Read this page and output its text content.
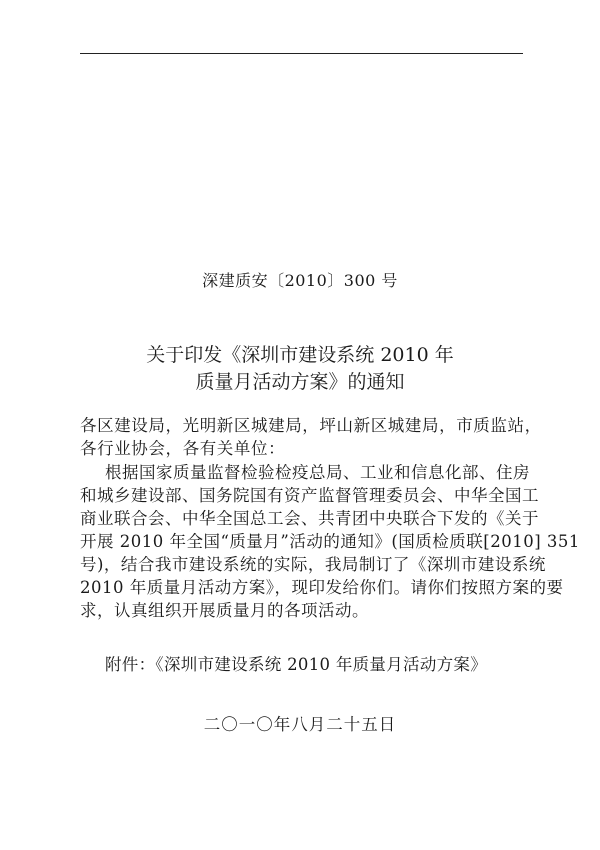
深建质安〔2010〕300 号
关于印发《深圳市建设系统 2010 年
质量月活动方案》的通知
各区建设局，光明新区城建局，坪山新区城建局，市质监站，
各行业协会，各有关单位：
根据国家质量监督检验检疫总局、工业和信息化部、住房
和城乡建设部、国务院国有资产监督管理委员会、中华全国工
商业联合会、中华全国总工会、共青团中央联合下发的《关于
开展 2010 年全国“质量月”活动的通知》(国质检质联[2010] 351
号)，结合我市建设系统的实际，我局制订了《深圳市建设系统
2010 年质量月活动方案》，现印发给你们。请你们按照方案的要
求，认真组织开展质量月的各项活动。
附件：《深圳市建设系统 2010 年质量月活动方案》
二〇一〇年八月二十五日
